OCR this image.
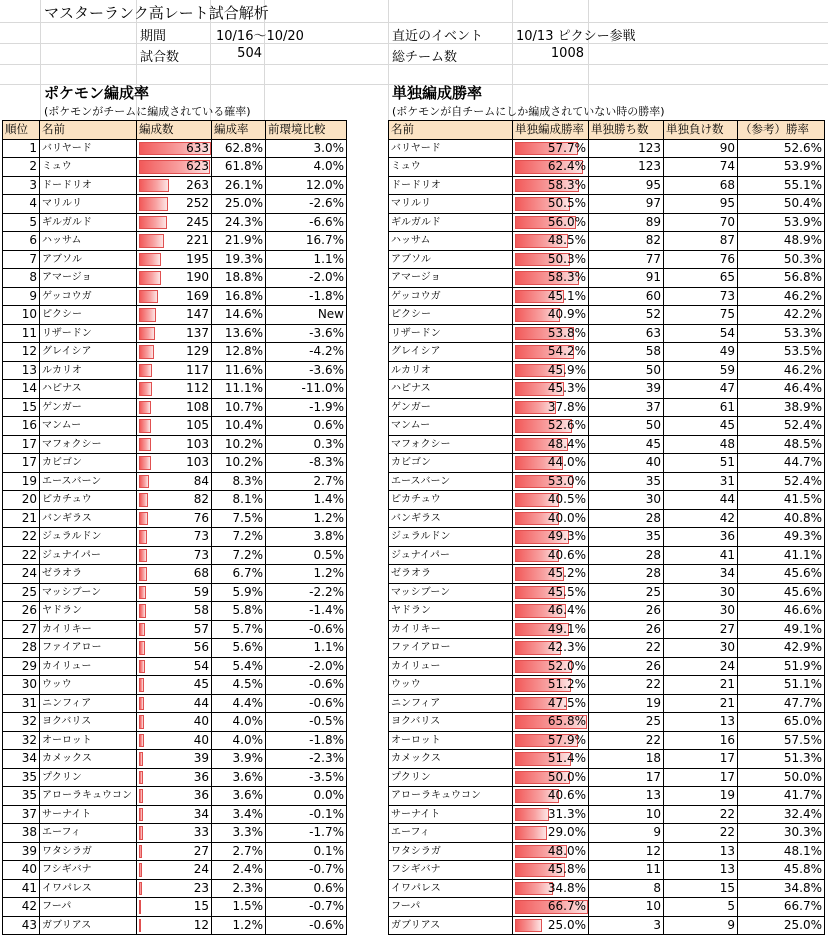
マスターランク高レート試合解析
期間	10/16〜10/20
試合数	504
直近のイベント	10/13 ピクシー参戦
総チーム数	1008
ポケモン編成率
(ポケモンがチームに編成されている確率)
単独編成勝率
(ポケモンが自チームにしか編成されていない時の勝率)
順位	名前	編成数	編成率	前環境比較
1	バリヤード	633	62.8%	3.0%
2	ミュウ	623	61.8%	4.0%
3	ドードリオ	263	26.1%	12.0%
4	マリルリ	252	25.0%	-2.6%
5	ギルガルド	245	24.3%	-6.6%
6	ハッサム	221	21.9%	16.7%
7	アブソル	195	19.3%	1.1%
8	アマージョ	190	18.8%	-2.0%
9	ゲッコウガ	169	16.8%	-1.8%
10	ピクシー	147	14.6%	New
11	リザードン	137	13.6%	-3.6%
12	グレイシア	129	12.8%	-4.2%
13	ルカリオ	117	11.6%	-3.6%
14	ハピナス	112	11.1%	-11.0%
15	ゲンガー	108	10.7%	-1.9%
16	マンムー	105	10.4%	0.6%
17	マフォクシー	103	10.2%	0.3%
17	カビゴン	103	10.2%	-8.3%
19	エースバーン	84	8.3%	2.7%
20	ピカチュウ	82	8.1%	1.4%
21	バンギラス	76	7.5%	1.2%
22	ジュラルドン	73	7.2%	3.8%
22	ジュナイパー	73	7.2%	0.5%
24	ゼラオラ	68	6.7%	1.2%
25	マッシブーン	59	5.9%	-2.2%
26	ヤドラン	58	5.8%	-1.4%
27	カイリキー	57	5.7%	-0.6%
28	ファイアロー	56	5.6%	1.1%
29	カイリュー	54	5.4%	-2.0%
30	ウッウ	45	4.5%	-0.6%
31	ニンフィア	44	4.4%	-0.6%
32	ヨクバリス	40	4.0%	-0.5%
32	オーロット	40	4.0%	-1.8%
34	カメックス	39	3.9%	-2.3%
35	プクリン	36	3.6%	-3.5%
35	アローラキュウコン	36	3.6%	0.0%
37	サーナイト	34	3.4%	-0.1%
38	エーフィ	33	3.3%	-1.7%
39	ワタシラガ	27	2.7%	0.1%
40	フシギバナ	24	2.4%	-0.7%
41	イワパレス	23	2.3%	0.6%
42	フーパ	15	1.5%	-0.7%
43	ガブリアス	12	1.2%	-0.6%
名前	単独編成勝率	単独勝ち数	単独負け数	（参考）勝率
バリヤード	57.7%	123	90	52.6%
ミュウ	62.4%	123	74	53.9%
ドードリオ	58.3%	95	68	55.1%
マリルリ	50.5%	97	95	50.4%
ギルガルド	56.0%	89	70	53.9%
ハッサム	48.5%	82	87	48.9%
アブソル	50.3%	77	76	50.3%
アマージョ	58.3%	91	65	56.8%
ゲッコウガ	45.1%	60	73	46.2%
ピクシー	40.9%	52	75	42.2%
リザードン	53.8%	63	54	53.3%
グレイシア	54.2%	58	49	53.5%
ルカリオ	45.9%	50	59	46.2%
ハピナス	45.3%	39	47	46.4%
ゲンガー	37.8%	37	61	38.9%
マンムー	52.6%	50	45	52.4%
マフォクシー	48.4%	45	48	48.5%
カビゴン	44.0%	40	51	44.7%
エースバーン	53.0%	35	31	52.4%
ピカチュウ	40.5%	30	44	41.5%
バンギラス	40.0%	28	42	40.8%
ジュラルドン	49.3%	35	36	49.3%
ジュナイパー	40.6%	28	41	41.1%
ゼラオラ	45.2%	28	34	45.6%
マッシブーン	45.5%	25	30	45.6%
ヤドラン	46.4%	26	30	46.6%
カイリキー	49.1%	26	27	49.1%
ファイアロー	42.3%	22	30	42.9%
カイリュー	52.0%	26	24	51.9%
ウッウ	51.2%	22	21	51.1%
ニンフィア	47.5%	19	21	47.7%
ヨクバリス	65.8%	25	13	65.0%
オーロット	57.9%	22	16	57.5%
カメックス	51.4%	18	17	51.3%
プクリン	50.0%	17	17	50.0%
アローラキュウコン	40.6%	13	19	41.7%
サーナイト	31.3%	10	22	32.4%
エーフィ	29.0%	9	22	30.3%
ワタシラガ	48.0%	12	13	48.1%
フシギバナ	45.8%	11	13	45.8%
イワパレス	34.8%	8	15	34.8%
フーパ	66.7%	10	5	66.7%
ガブリアス	25.0%	3	9	25.0%
